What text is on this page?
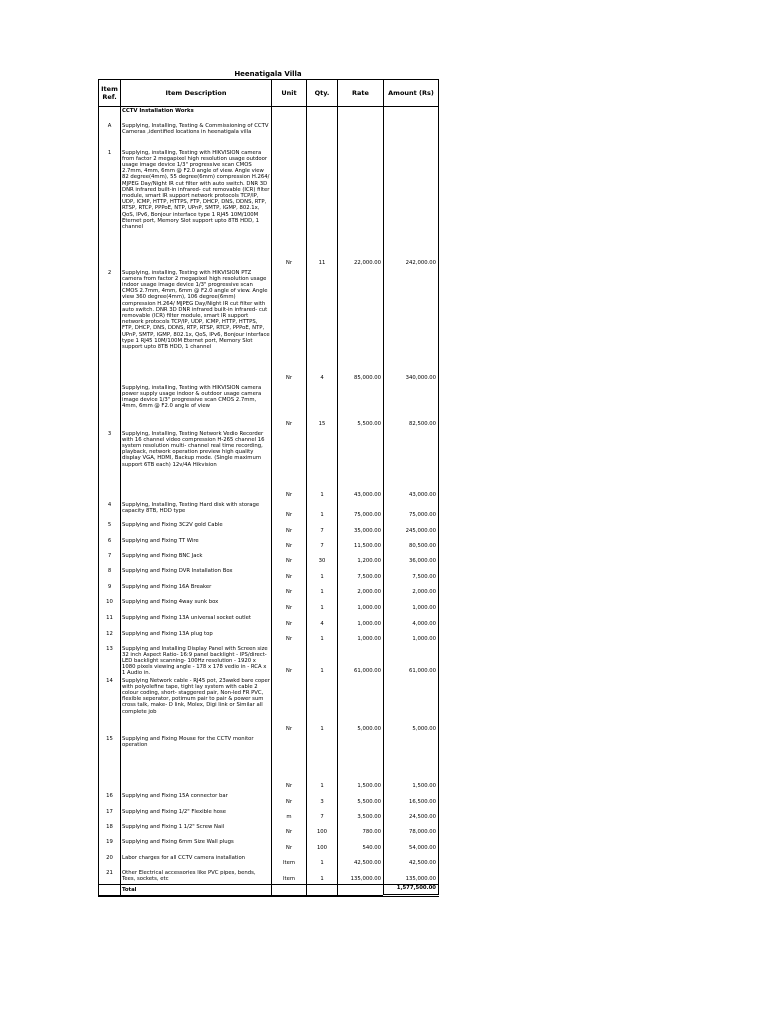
Heenatigala Villa
Item Ref.	Item Description	Unit	Qty.	Rate	Amount (Rs)

	CCTV Installation Works				

A	Supplying, Installing, Testing & Commissioning of CCTV Cameras ,identified locations in heenatigala villa				

1	Supplying, installing, Testing with HIKVISION camera from factor 2 megapixel high resolution usage outdoor usage image device 1/3" progressive scan CMOS 2.7mm, 4mm, 6mm @ F2.0 angle of view. Angle view 82 degree(4mm), 55 degree(6mm) compression H.264/ MJPEG Day/Night IR cut filter with auto switch. DNR 3D DNR infrared built-in infrared- cut removable (ICR) filter module, smart IR support network protocols TCP/IP, UDP, ICMP, HTTP, HTTPS, FTP, DHCP, DNS, DDNS, RTP, RTSP, RTCP, PPPoE, NTP, UPnP, SMTP, IGMP, 802.1x, QoS, IPv6, Bonjour interface type 1 RJ45 10M/100M Eternet port, Memory Slot support upto 8TB HDD, 1 channel	Nr	11	22,000.00	242,000.00
2	Supplying, installing, Testing with HIKVISION PTZ camera from factor 2 megapixel high resolution usage indoor usage image device 1/3" progressive scan CMOS 2.7mm, 4mm, 6mm @ F2.0 angle of view. Angle view 360 degree(4mm), 106 degree(6mm) compression H.264/ MJPEG Day/Night IR cut filter with auto switch. DNR 3D DNR infrared built-in infrared- cut removable (ICR) filter module, smart IR support network protocols TCP/IP, UDP, ICMP, HTTP, HTTPS, FTP, DHCP, DNS, DDNS, RTP, RTSP, RTCP, PPPoE, NTP, UPnP, SMTP, IGMP, 802.1x, QoS, IPv6, Bonjour interface type 1 RJ45 10M/100M Eternet port, Memory Slot support upto 8TB HDD, 1 channel	Nr	4	85,000.00	340,000.00

	Supplying, installing, Testing with HIKVISION camera power supply usage indoor & outdoor usage camera image device 1/3" progressive scan CMOS 2.7mm, 4mm, 6mm @ F2.0 angle of view	Nr	15	5,500.00	82,500.00
3	Supplying, Installing, Testing Network Vedio Recorder with 16 channel video compression H-265 channel 16 system resolution multi- channel real time recording, playback, network operation preview high quality display VGA, HDMI, Backup mode. (Single maximum support 6TB each) 12v/4A Hikvision	Nr	1	43,000.00	43,000.00
4	Supplying, Installing, Testing Hard disk with storage capacity 8TB, HDD type	Nr	1	75,000.00	75,000.00
5	Supplying and Fixing 3C2V gold Cable	Nr	7	35,000.00	245,000.00
6	Supplying and Fixing TT Wire	Nr	7	11,500.00	80,500.00
7	Supplying and Fixing BNC Jack	Nr	30	1,200.00	36,000.00
8	Supplying and Fixing DVR Installation Box	Nr	1	7,500.00	7,500.00
9	Supplying and Fixing 16A Breaker	Nr	1	2,000.00	2,000.00
10	Supplying and Fixing 4way sunk box	Nr	1	1,000.00	1,000.00
11	Supplying and Fixing 13A universal socket outlet	Nr	4	1,000.00	4,000.00
12	Supplying and Fixing 13A plug top	Nr	1	1,000.00	1,000.00
13	Supplying and Installing Display Panel with Screen size 32 inch Aspect Ratio- 16:9 panel backlight - IPS/direct-LED backlight scanning- 100Hz resolution - 1920 x 1080 pixels viewing angle - 178 x 178 vedio in - RCA x 1 Audio in.	Nr	1	61,000.00	61,000.00
14	Supplying Network cable - RJ45 pot, 23awkd bare coper with polyolefine tape, tight lay system with cable 2 colour coding, short- staggered pair, Non-led FR PVC, flexible seperator, potimum pair to pair & power sum cross talk, make- D link, Molex, Digi link or Similar all complete job	Nr	1	5,000.00	5,000.00
15	Supplying and Fixing Mouse for the CCTV monitor operation	Nr	1	1,500.00	1,500.00
16	Supplying and Fixing 15A connector bar	Nr	3	5,500.00	16,500.00
17	Supplying and Fixing 1/2" Flexible hose	m	7	3,500.00	24,500.00
18	Supplying and Fixing 1 1/2" Screw Nail	Nr	100	780.00	78,000.00
19	Supplying and Fixing 6mm Size Wall plugs	Nr	100	540.00	54,000.00
20	Labor charges for all CCTV camera installation	Item	1	42,500.00	42,500.00
21	Other Electrical accessories like PVC pipes, bends, Tees, sockets, etc	Item	1	135,000.00	135,000.00
	Total				1,577,500.00
